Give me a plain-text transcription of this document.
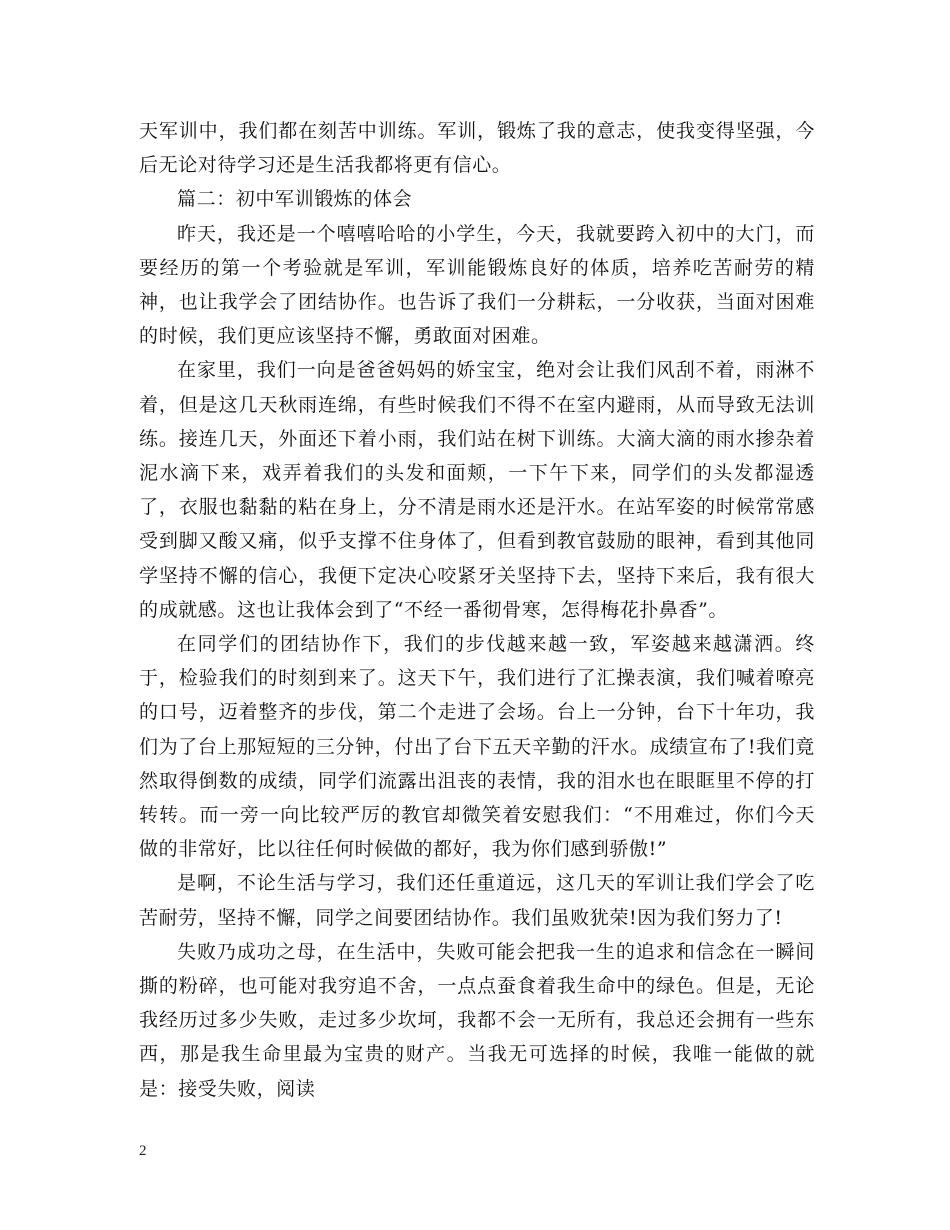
天军训中，我们都在刻苦中训练。军训，锻炼了我的意志，使我变得坚强，今后无论对待学习还是生活我都将更有信心。

篇二：初中军训锻炼的体会

昨天，我还是一个嘻嘻哈哈的小学生，今天，我就要跨入初中的大门，而要经历的第一个考验就是军训，军训能锻炼良好的体质，培养吃苦耐劳的精神，也让我学会了团结协作。也告诉了我们一分耕耘，一分收获，当面对困难的时候，我们更应该坚持不懈，勇敢面对困难。

在家里，我们一向是爸爸妈妈的娇宝宝，绝对会让我们风刮不着，雨淋不着，但是这几天秋雨连绵，有些时候我们不得不在室内避雨，从而导致无法训练。接连几天，外面还下着小雨，我们站在树下训练。大滴大滴的雨水掺杂着泥水滴下来，戏弄着我们的头发和面颊，一下午下来，同学们的头发都湿透了，衣服也黏黏的粘在身上，分不清是雨水还是汗水。在站军姿的时候常常感受到脚又酸又痛，似乎支撑不住身体了，但看到教官鼓励的眼神，看到其他同学坚持不懈的信心，我便下定决心咬紧牙关坚持下去，坚持下来后，我有很大的成就感。这也让我体会到了“不经一番彻骨寒，怎得梅花扑鼻香”。

在同学们的团结协作下，我们的步伐越来越一致，军姿越来越潇洒。终于，检验我们的时刻到来了。这天下午，我们进行了汇操表演，我们喊着嘹亮的口号，迈着整齐的步伐，第二个走进了会场。台上一分钟，台下十年功，我们为了台上那短短的三分钟，付出了台下五天辛勤的汗水。成绩宣布了!我们竟然取得倒数的成绩，同学们流露出沮丧的表情，我的泪水也在眼眶里不停的打转转。而一旁一向比较严厉的教官却微笑着安慰我们：“不用难过，你们今天做的非常好，比以往任何时候做的都好，我为你们感到骄傲!”

是啊，不论生活与学习，我们还任重道远，这几天的军训让我们学会了吃苦耐劳，坚持不懈，同学之间要团结协作。我们虽败犹荣!因为我们努力了!

失败乃成功之母，在生活中，失败可能会把我一生的追求和信念在一瞬间撕的粉碎，也可能对我穷追不舍，一点点蚕食着我生命中的绿色。但是，无论我经历过多少失败，走过多少坎坷，我都不会一无所有，我总还会拥有一些东西，那是我生命里最为宝贵的财产。当我无可选择的时候，我唯一能做的就是：接受失败，阅读

2
